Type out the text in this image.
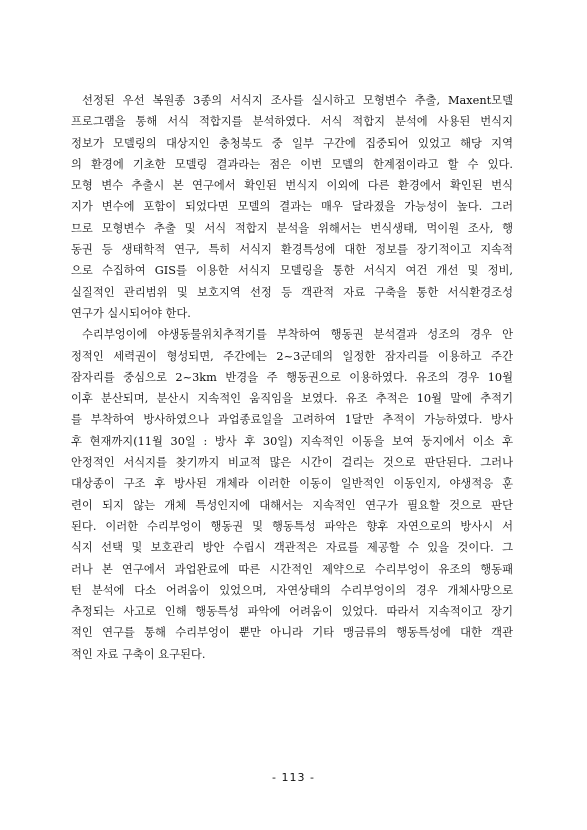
선정된 우선 복원종 3종의 서식지 조사를 실시하고 모형변수 추출, Maxent모델
프로그램을 통해 서식 적합지를 분석하였다. 서식 적합지 분석에 사용된 번식지
정보가 모델링의 대상지인 충청북도 중 일부 구간에 집중되어 있었고 해당 지역
의 환경에 기초한 모델링 결과라는 점은 이번 모델의 한계점이라고 할 수 있다.
모형 변수 추출시 본 연구에서 확인된 번식지 이외에 다른 환경에서 확인된 번식
지가 변수에 포함이 되었다면 모델의 결과는 매우 달라졌을 가능성이 높다. 그러
므로 모형변수 추출 및 서식 적합지 분석을 위해서는 번식생태, 먹이원 조사, 행
동권 등 생태학적 연구, 특히 서식지 환경특성에 대한 정보를 장기적이고 지속적
으로 수집하여 GIS를 이용한 서식지 모델링을 통한 서식지 여건 개선 및 정비,
실질적인 관리범위 및 보호지역 선정 등 객관적 자료 구축을 통한 서식환경조성
연구가 실시되어야 한다.

수리부엉이에 야생동물위치추적기를 부착하여 행동권 분석결과 성조의 경우 안
정적인 세력권이 형성되면, 주간에는 2~3군데의 일정한 잠자리를 이용하고 주간
잠자리를 중심으로 2~3km 반경을 주 행동권으로 이용하였다. 유조의 경우 10월
이후 분산되며, 분산시 지속적인 움직임을 보였다. 유조 추적은 10월 말에 추적기
를 부착하여 방사하였으나 과업종료일을 고려하여 1달만 추적이 가능하였다. 방사
후 현재까지(11월 30일 : 방사 후 30일) 지속적인 이동을 보여 둥지에서 이소 후
안정적인 서식지를 찾기까지 비교적 많은 시간이 걸리는 것으로 판단된다. 그러나
대상종이 구조 후 방사된 개체라 이러한 이동이 일반적인 이동인지, 야생적응 훈
련이 되지 않는 개체 특성인지에 대해서는 지속적인 연구가 필요할 것으로 판단
된다. 이러한 수리부엉이 행동권 및 행동특성 파악은 향후 자연으로의 방사시 서
식지 선택 및 보호관리 방안 수립시 객관적은 자료를 제공할 수 있을 것이다. 그
러나 본 연구에서 과업완료에 따른 시간적인 제약으로 수리부엉이 유조의 행동패
턴 분석에 다소 어려움이 있었으며, 자연상태의 수리부엉이의 경우 개체사망으로
추정되는 사고로 인해 행동특성 파악에 어려움이 있었다. 따라서 지속적이고 장기
적인 연구를 통해 수리부엉이 뿐만 아니라 기타 맹금류의 행동특성에 대한 객관
적인 자료 구축이 요구된다.

- 113 -
